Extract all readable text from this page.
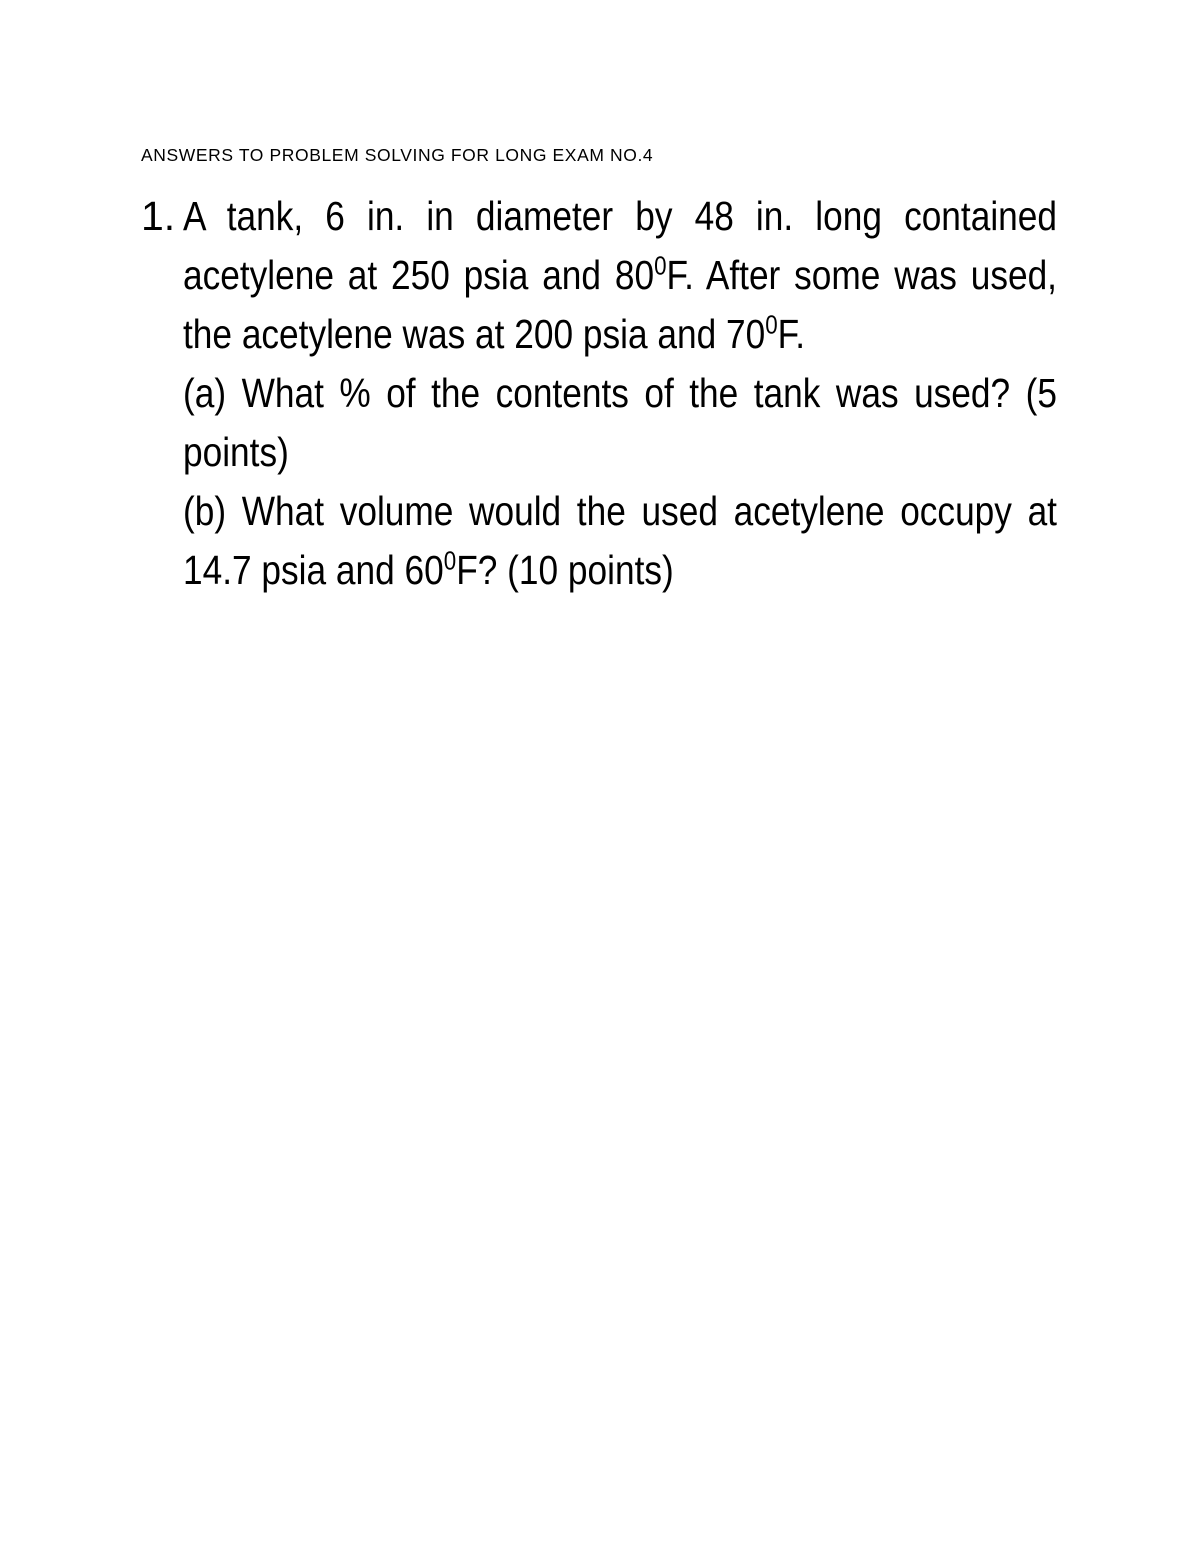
ANSWERS TO PROBLEM SOLVING FOR LONG EXAM NO.4
1. A tank, 6 in. in diameter by 48 in. long contained acetylene at 250 psia and $80^0F$. After some was used, the acetylene was at 200 psia and $70^0F$.
(a) What % of the contents of the tank was used? (5 points)
(b) What volume would the used acetylene occupy at 14.7 psia and $60^0F$? (10 points)
